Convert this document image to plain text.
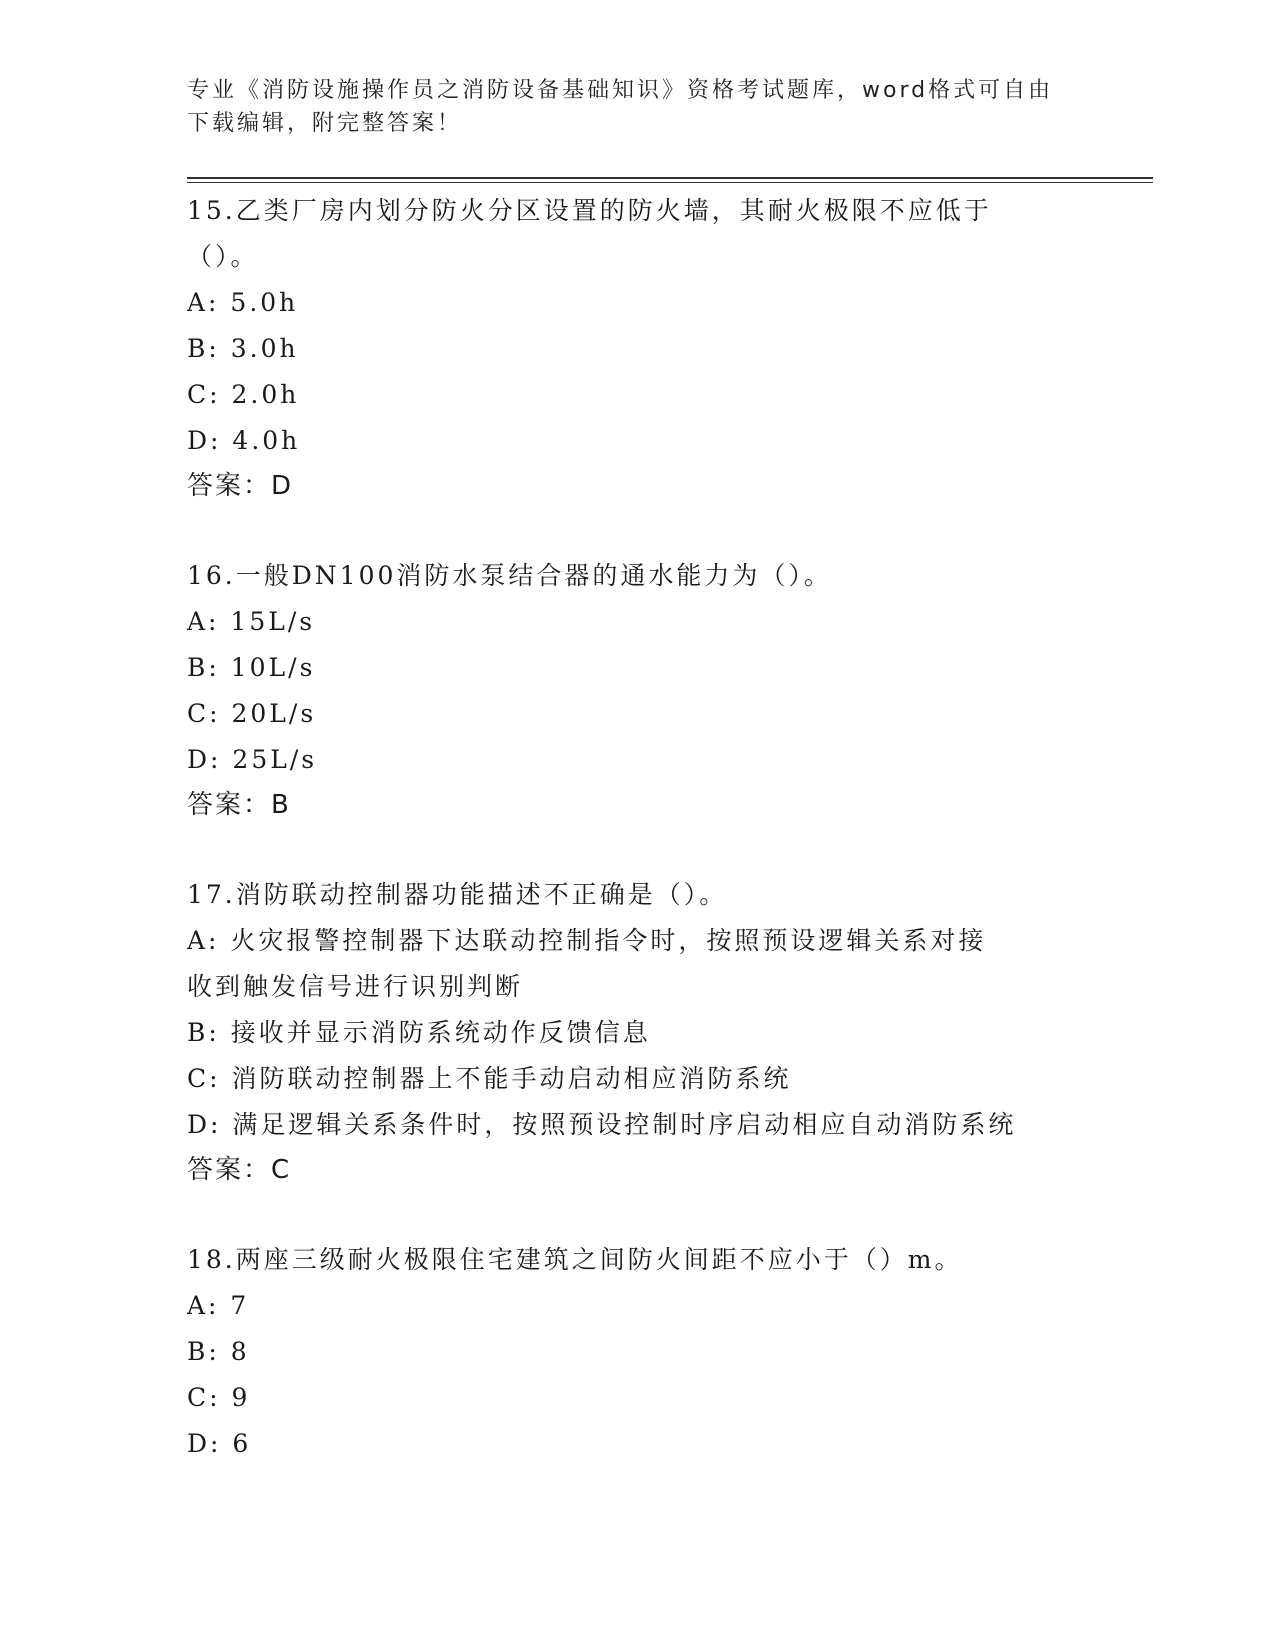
专业《消防设施操作员之消防设备基础知识》资格考试题库，word格式可自由下载编辑，附完整答案！
15.乙类厂房内划分防火分区设置的防火墙，其耐火极限不应低于（）。
A: 5.0h
B: 3.0h
C: 2.0h
D: 4.0h
答案：D
16.一般DN100消防水泵结合器的通水能力为（）。
A: 15L/s
B: 10L/s
C: 20L/s
D: 25L/s
答案：B
17.消防联动控制器功能描述不正确是（）。
A: 火灾报警控制器下达联动控制指令时，按照预设逻辑关系对接收到触发信号进行识别判断
B: 接收并显示消防系统动作反馈信息
C: 消防联动控制器上不能手动启动相应消防系统
D: 满足逻辑关系条件时，按照预设控制时序启动相应自动消防系统
答案：C
18.两座三级耐火极限住宅建筑之间防火间距不应小于（）m。
A: 7
B: 8
C: 9
D: 6
